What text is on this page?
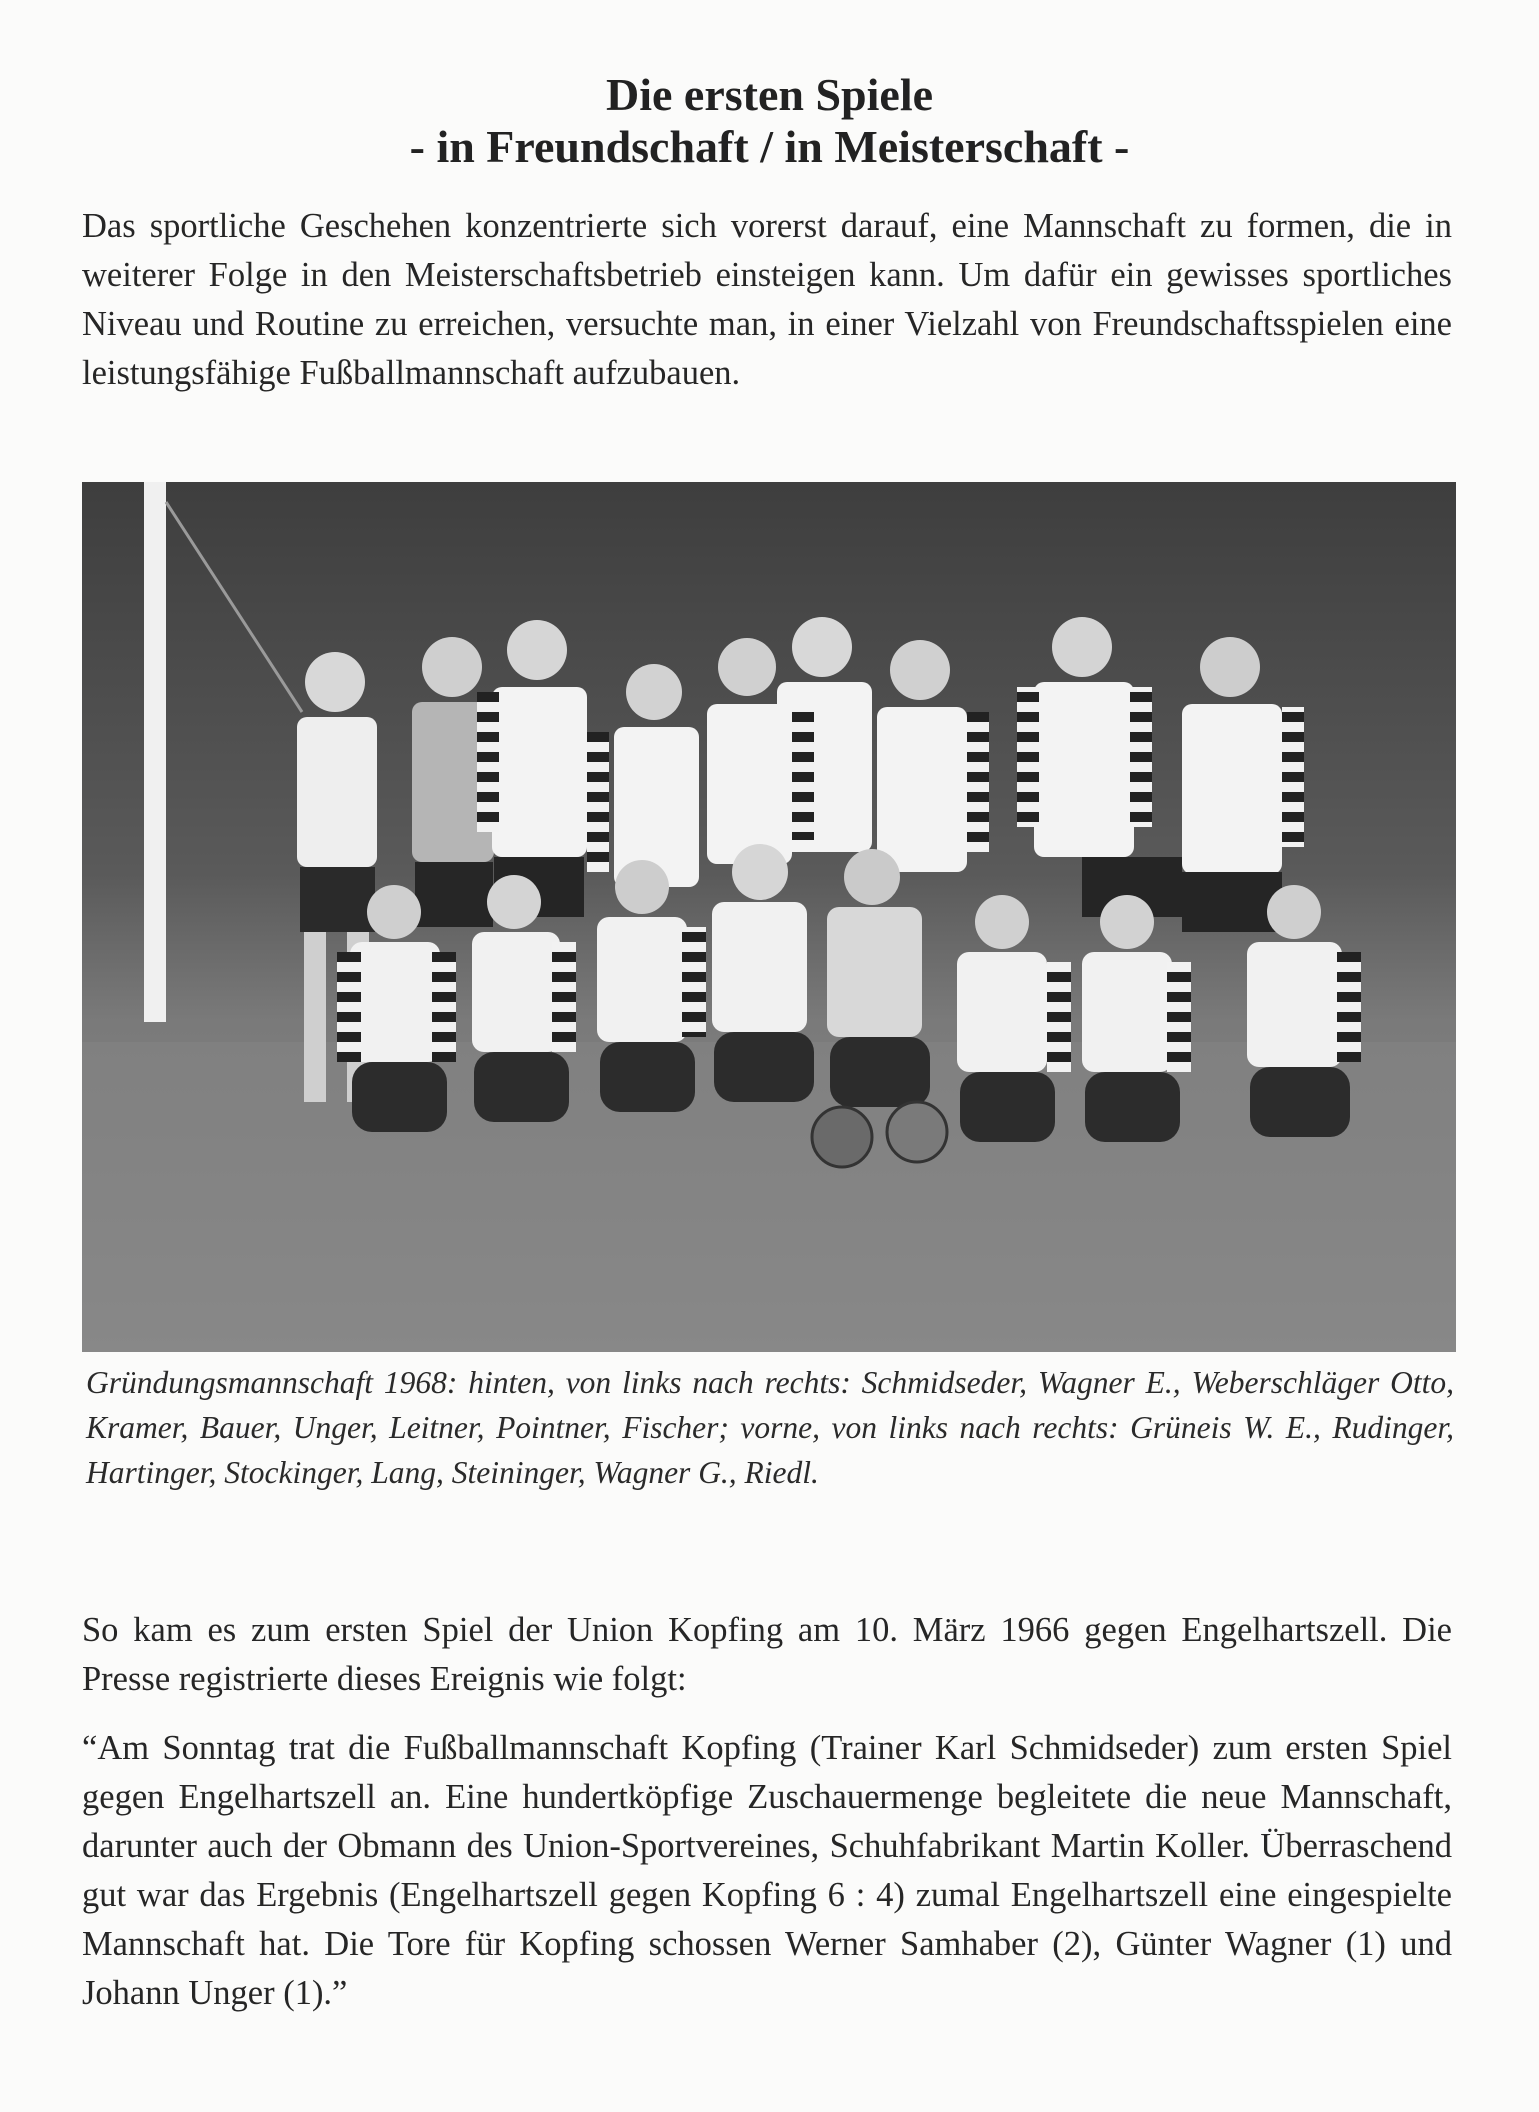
Die ersten Spiele
- in Freundschaft / in Meisterschaft -
Das sportliche Geschehen konzentrierte sich vorerst darauf, eine Mannschaft zu formen, die in weiterer Folge in den Meisterschaftsbetrieb einsteigen kann. Um dafür ein gewisses sportliches Niveau und Routine zu erreichen, versuchte man, in einer Vielzahl von Freundschaftsspielen eine leistungsfähige Fußballmannschaft aufzubauen.
Gründungsmannschaft 1968: hinten, von links nach rechts: Schmidseder, Wagner E., Weberschläger Otto, Kramer, Bauer, Unger, Leitner, Pointner, Fischer; vorne, von links nach rechts: Grüneis W. E., Rudinger, Hartinger, Stockinger, Lang, Steininger, Wagner G., Riedl.
So kam es zum ersten Spiel der Union Kopfing am 10. März 1966 gegen Engelhartszell. Die Presse registrierte dieses Ereignis wie folgt:
“Am Sonntag trat die Fußballmannschaft Kopfing (Trainer Karl Schmidseder) zum ersten Spiel gegen Engelhartszell an. Eine hundertköpfige Zuschauermenge begleitete die neue Mannschaft, darunter auch der Obmann des Union-Sportvereines, Schuhfabrikant Martin Koller. Überraschend gut war das Ergebnis (Engelhartszell gegen Kopfing 6 : 4) zumal Engelhartszell eine eingespielte Mannschaft hat. Die Tore für Kopfing schossen Werner Samhaber (2), Günter Wagner (1) und Johann Unger (1).”
